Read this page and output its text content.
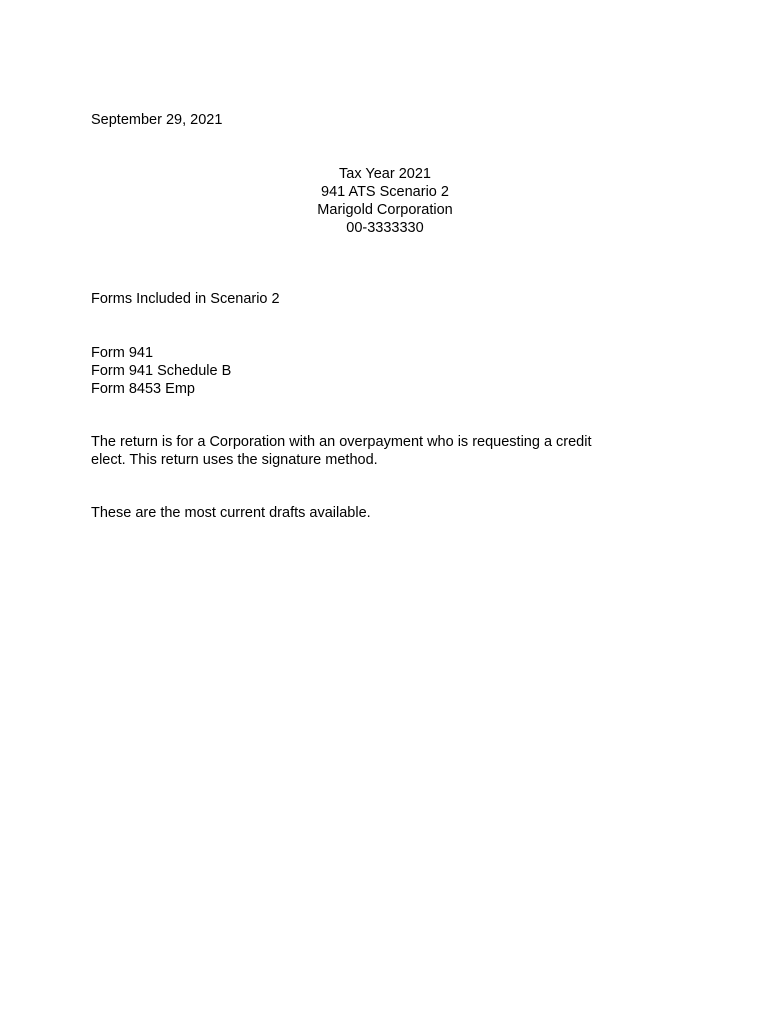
September 29, 2021
Tax Year 2021
941 ATS Scenario 2
Marigold Corporation
00-3333330
Forms Included in Scenario 2
Form 941
Form 941 Schedule B
Form 8453 Emp
The return is for a Corporation with an overpayment who is requesting a credit
elect. This return uses the signature method.
These are the most current drafts available.
